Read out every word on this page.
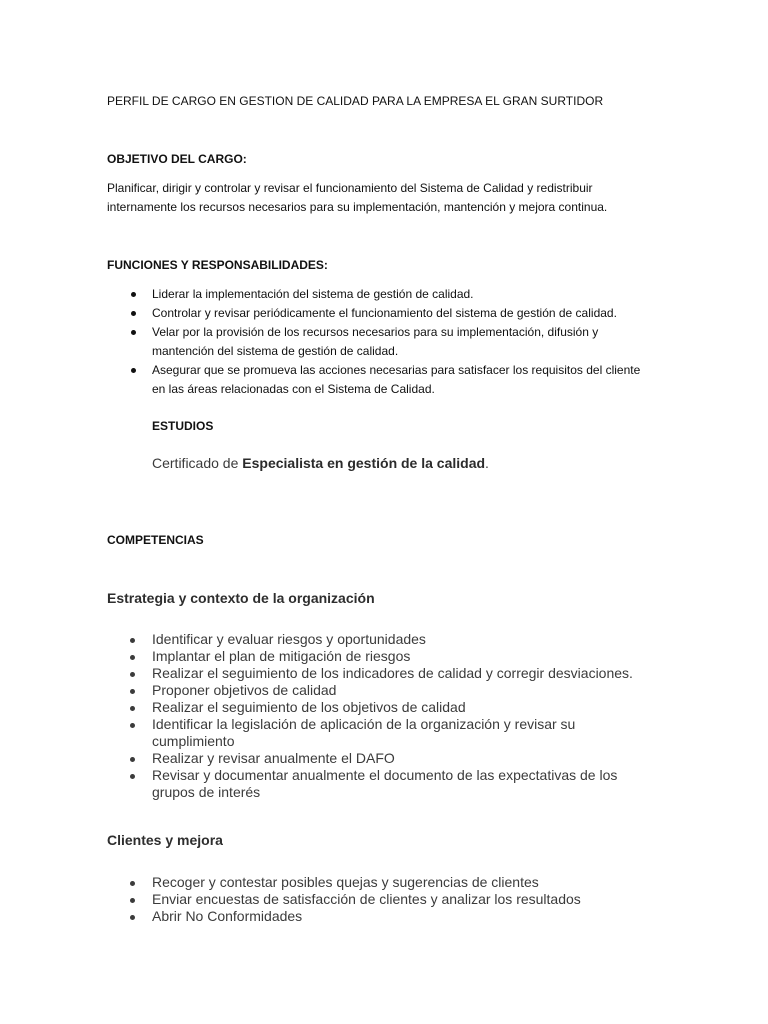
PERFIL DE CARGO EN GESTION DE CALIDAD PARA LA EMPRESA EL GRAN SURTIDOR

OBJETIVO DEL CARGO:

Planificar, dirigir y controlar y revisar el funcionamiento del Sistema de Calidad y redistribuir

internamente los recursos necesarios para su implementación, mantención y mejora continua.

FUNCIONES Y RESPONSABILIDADES:

Liderar la implementación del sistema de gestión de calidad.

Controlar y revisar periódicamente el funcionamiento del sistema de gestión de calidad.

Velar por la provisión de los recursos necesarios para su implementación, difusión y

mantención del sistema de gestión de calidad.

Asegurar que se promueva las acciones necesarias para satisfacer los requisitos del cliente

en las áreas relacionadas con el Sistema de Calidad.

ESTUDIOS

Certificado de Especialista en gestión de la calidad.

COMPETENCIAS

Estrategia y contexto de la organización

Identificar y evaluar riesgos y oportunidades

Implantar el plan de mitigación de riesgos

Realizar el seguimiento de los indicadores de calidad y corregir desviaciones.

Proponer objetivos de calidad

Realizar el seguimiento de los objetivos de calidad

Identificar la legislación de aplicación de la organización y revisar su

cumplimiento

Realizar y revisar anualmente el DAFO

Revisar y documentar anualmente el documento de las expectativas de los

grupos de interés

Clientes y mejora

Recoger y contestar posibles quejas y sugerencias de clientes

Enviar encuestas de satisfacción de clientes y analizar los resultados

Abrir No Conformidades
